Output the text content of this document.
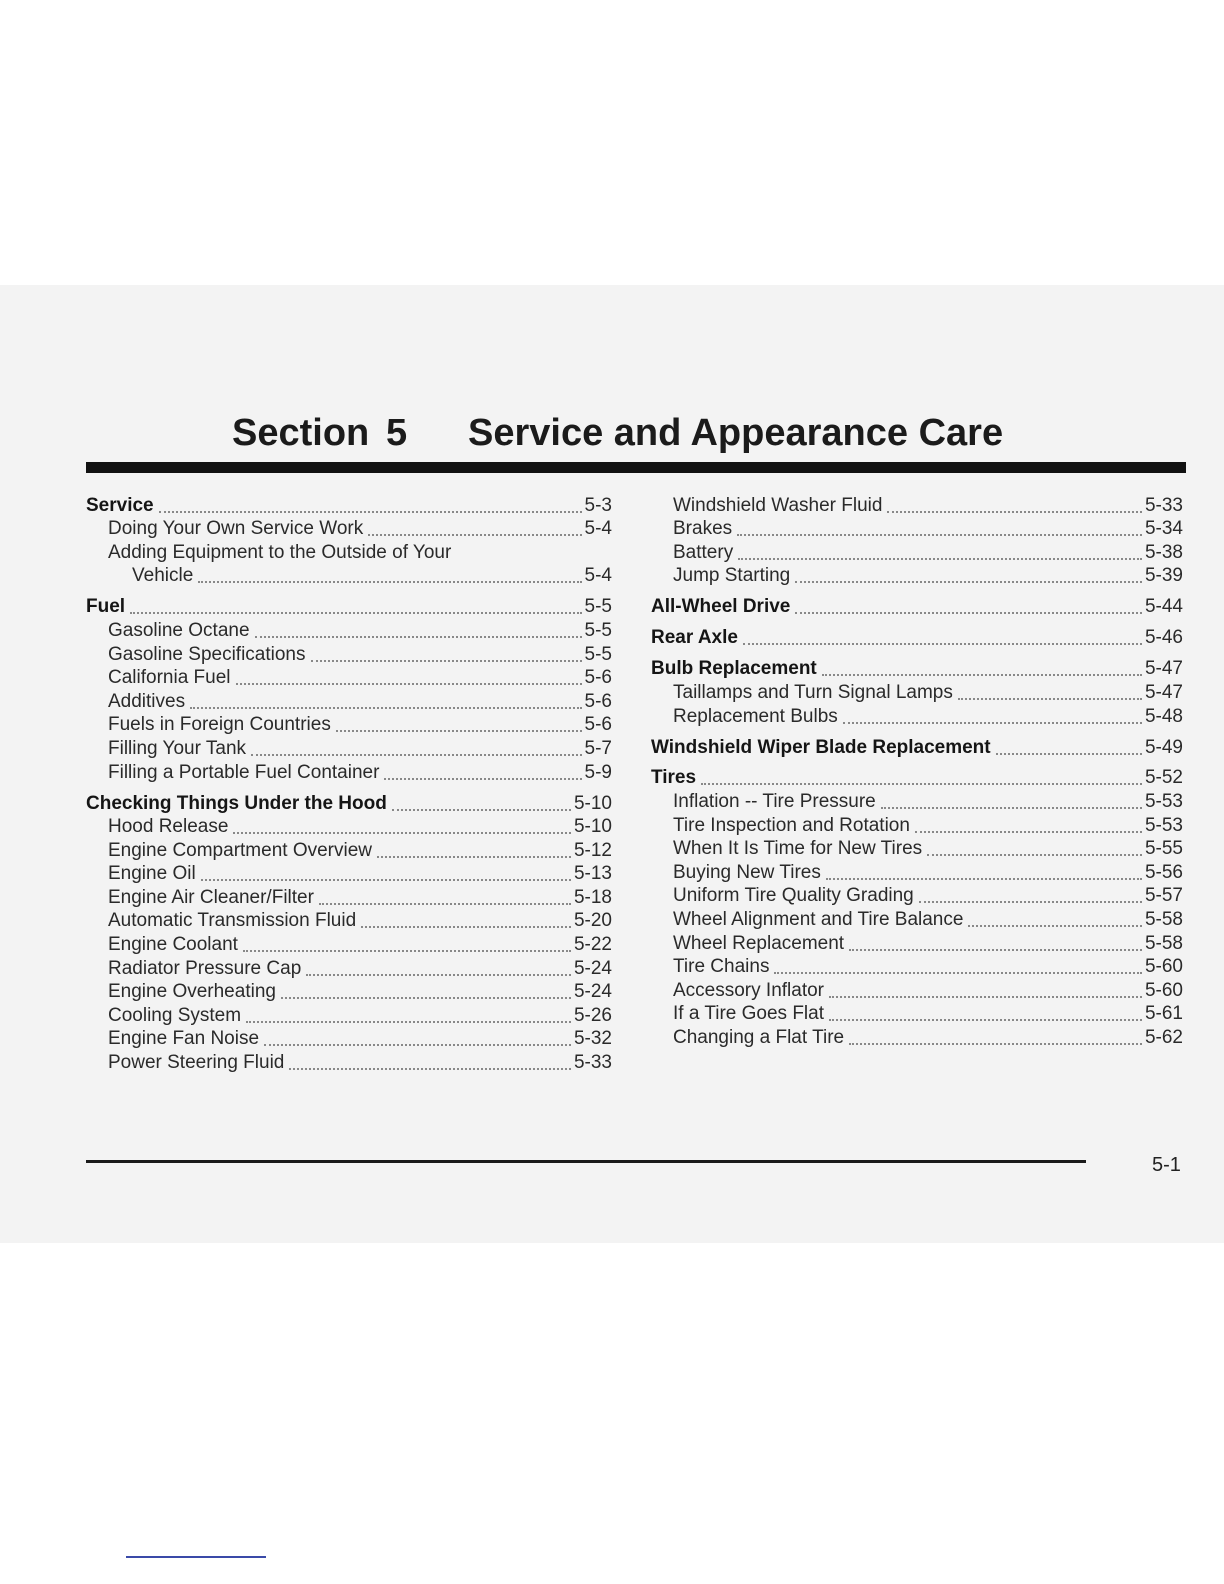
Section 5 Service and Appearance Care
Service	5-3
Doing Your Own Service Work	5-4
Adding Equipment to the Outside of Your
Vehicle	5-4
Fuel	5-5
Gasoline Octane	5-5
Gasoline Specifications	5-5
California Fuel	5-6
Additives	5-6
Fuels in Foreign Countries	5-6
Filling Your Tank	5-7
Filling a Portable Fuel Container	5-9
Checking Things Under the Hood	5-10
Hood Release	5-10
Engine Compartment Overview	5-12
Engine Oil	5-13
Engine Air Cleaner/Filter	5-18
Automatic Transmission Fluid	5-20
Engine Coolant	5-22
Radiator Pressure Cap	5-24
Engine Overheating	5-24
Cooling System	5-26
Engine Fan Noise	5-32
Power Steering Fluid	5-33
Windshield Washer Fluid	5-33
Brakes	5-34
Battery	5-38
Jump Starting	5-39
All-Wheel Drive	5-44
Rear Axle	5-46
Bulb Replacement	5-47
Taillamps and Turn Signal Lamps	5-47
Replacement Bulbs	5-48
Windshield Wiper Blade Replacement	5-49
Tires	5-52
Inflation -- Tire Pressure	5-53
Tire Inspection and Rotation	5-53
When It Is Time for New Tires	5-55
Buying New Tires	5-56
Uniform Tire Quality Grading	5-57
Wheel Alignment and Tire Balance	5-58
Wheel Replacement	5-58
Tire Chains	5-60
Accessory Inflator	5-60
If a Tire Goes Flat	5-61
Changing a Flat Tire	5-62
5-1
